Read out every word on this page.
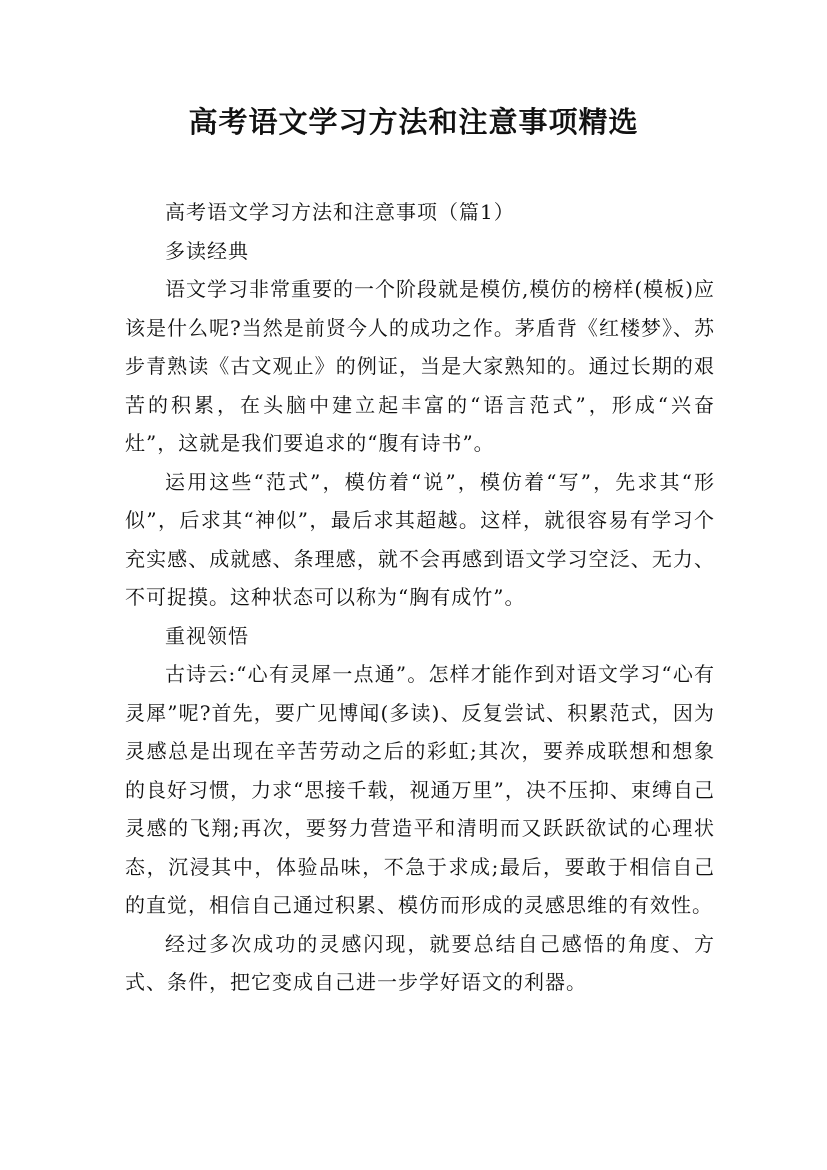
高考语文学习方法和注意事项精选

高考语文学习方法和注意事项（篇1）

多读经典

语文学习非常重要的一个阶段就是模仿,模仿的榜样(模板)应该是什么呢?当然是前贤今人的成功之作。茅盾背《红楼梦》、苏步青熟读《古文观止》的例证，当是大家熟知的。通过长期的艰苦的积累，在头脑中建立起丰富的“语言范式”，形成“兴奋灶”，这就是我们要追求的“腹有诗书”。

运用这些“范式”，模仿着“说”，模仿着“写”，先求其“形似”，后求其“神似”，最后求其超越。这样，就很容易有学习个充实感、成就感、条理感，就不会再感到语文学习空泛、无力、不可捉摸。这种状态可以称为“胸有成竹”。

重视领悟

古诗云:“心有灵犀一点通”。怎样才能作到对语文学习“心有灵犀”呢?首先，要广见博闻(多读)、反复尝试、积累范式，因为灵感总是出现在辛苦劳动之后的彩虹;其次，要养成联想和想象的良好习惯，力求“思接千载，视通万里”，决不压抑、束缚自己灵感的飞翔;再次，要努力营造平和清明而又跃跃欲试的心理状态，沉浸其中，体验品味，不急于求成;最后，要敢于相信自己的直觉，相信自己通过积累、模仿而形成的灵感思维的有效性。

经过多次成功的灵感闪现，就要总结自己感悟的角度、方式、条件，把它变成自己进一步学好语文的利器。
